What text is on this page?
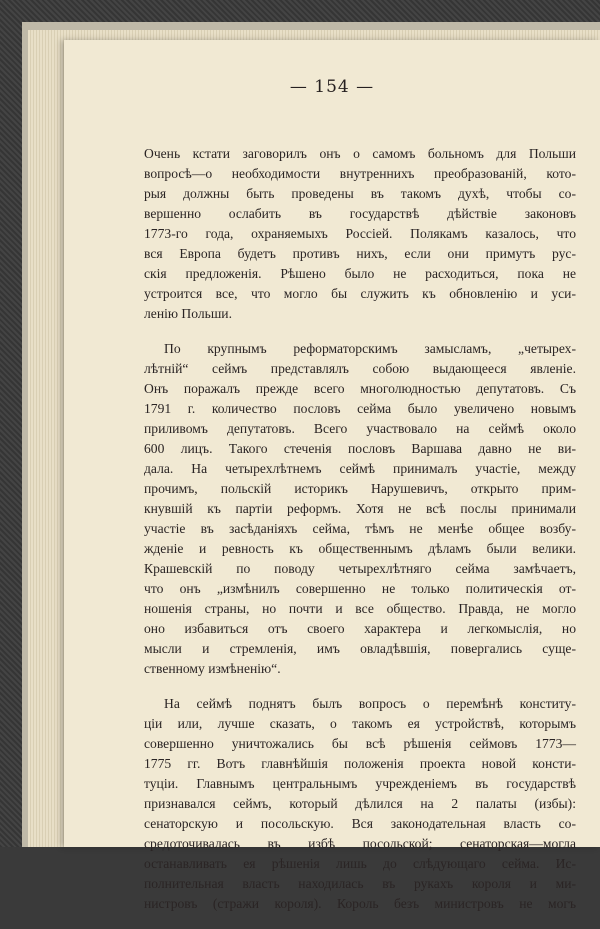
— 154 —
Очень кстати заговорилъ онъ о самомъ больномъ для Польши
вопросѣ—о необходимости внутреннихъ преобразованій, кото-
рыя должны быть проведены въ такомъ духѣ, чтобы со-
вершенно ослабить въ государствѣ дѣйствіе законовъ
1773-го года, охраняемыхъ Россіей. Полякамъ казалось, что
вся Европа будетъ противъ нихъ, если они примутъ рус-
скія предложенія. Рѣшено было не расходиться, пока не
устроится все, что могло бы служить къ обновленію и уси-
ленію Польши.
По крупнымъ реформаторскимъ замысламъ, „четырех-
лѣтній“ сеймъ представлялъ собою выдающееся явленіе.
Онъ поражалъ прежде всего многолюдностью депутатовъ. Съ
1791 г. количество пословъ сейма было увеличено новымъ
приливомъ депутатовъ. Всего участвовало на сеймѣ около
600 лицъ. Такого стеченія пословъ Варшава давно не ви-
дала. На четырехлѣтнемъ сеймѣ принималъ участіе, между
прочимъ, польскій историкъ Нарушевичъ, открыто прим-
кнувшій къ партіи реформъ. Хотя не всѣ послы принимали
участіе въ засѣданіяхъ сейма, тѣмъ не менѣе общее возбу-
жденіе и ревность къ общественнымъ дѣламъ были велики.
Крашевскій по поводу четырехлѣтняго сейма замѣчаетъ,
что онъ „измѣнилъ совершенно не только политическія от-
ношенія страны, но почти и все общество. Правда, не могло
оно избавиться отъ своего характера и легкомыслія, но
мысли и стремленія, имъ овладѣвшія, повергались суще-
ственному измѣненію“.
На сеймѣ поднятъ былъ вопросъ о перемѣнѣ конститу-
ціи или, лучше сказать, о такомъ ея устройствѣ, которымъ
совершенно уничтожались бы всѣ рѣшенія сеймовъ 1773—
1775 гг. Вотъ главнѣйшія положенія проекта новой консти-
туціи. Главнымъ центральнымъ учрежденіемъ въ государствѣ
признавался сеймъ, который дѣлился на 2 палаты (избы):
сенаторскую и посольскую. Вся законодательная власть со-
средоточивалась въ избѣ посольской; сенаторская—могла
останавливать ея рѣшенія лишь до слѣдующаго сейма. Ис-
полнительная власть находилась въ рукахъ короля и ми-
нистровъ (стражи короля). Король безъ министровъ не могъ
